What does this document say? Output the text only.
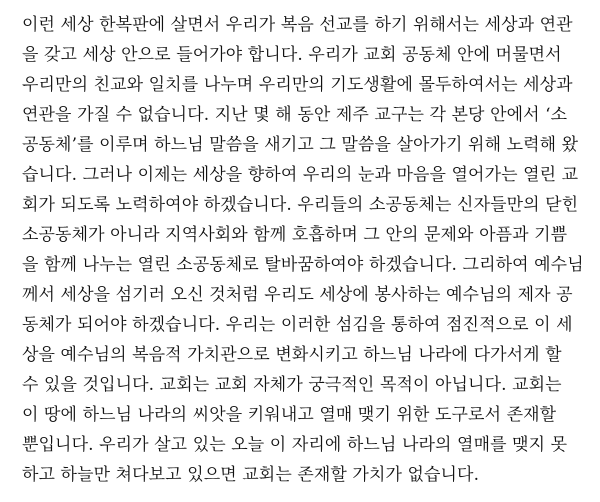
이런 세상 한복판에 살면서 우리가 복음 선교를 하기 위해서는 세상과 연관
을 갖고 세상 안으로 들어가야 합니다. 우리가 교회 공동체 안에 머물면서
우리만의 친교와 일치를 나누며 우리만의 기도생활에 몰두하여서는 세상과
연관을 가질 수 없습니다. 지난 몇 해 동안 제주 교구는 각 본당 안에서 ‘소
공동체’를 이루며 하느님 말씀을 새기고 그 말씀을 살아가기 위해 노력해 왔
습니다. 그러나 이제는 세상을 향하여 우리의 눈과 마음을 열어가는 열린 교
회가 되도록 노력하여야 하겠습니다. 우리들의 소공동체는 신자들만의 닫힌
소공동체가 아니라 지역사회와 함께 호흡하며 그 안의 문제와 아픔과 기쁨
을 함께 나누는 열린 소공동체로 탈바꿈하여야 하겠습니다. 그리하여 예수님
께서 세상을 섬기러 오신 것처럼 우리도 세상에 봉사하는 예수님의 제자 공
동체가 되어야 하겠습니다. 우리는 이러한 섬김을 통하여 점진적으로 이 세
상을 예수님의 복음적 가치관으로 변화시키고 하느님 나라에 다가서게 할
수 있을 것입니다. 교회는 교회 자체가 궁극적인 목적이 아닙니다. 교회는
이 땅에 하느님 나라의 씨앗을 키워내고 열매 맺기 위한 도구로서 존재할
뿐입니다. 우리가 살고 있는 오늘 이 자리에 하느님 나라의 열매를 맺지 못
하고 하늘만 쳐다보고 있으면 교회는 존재할 가치가 없습니다.
